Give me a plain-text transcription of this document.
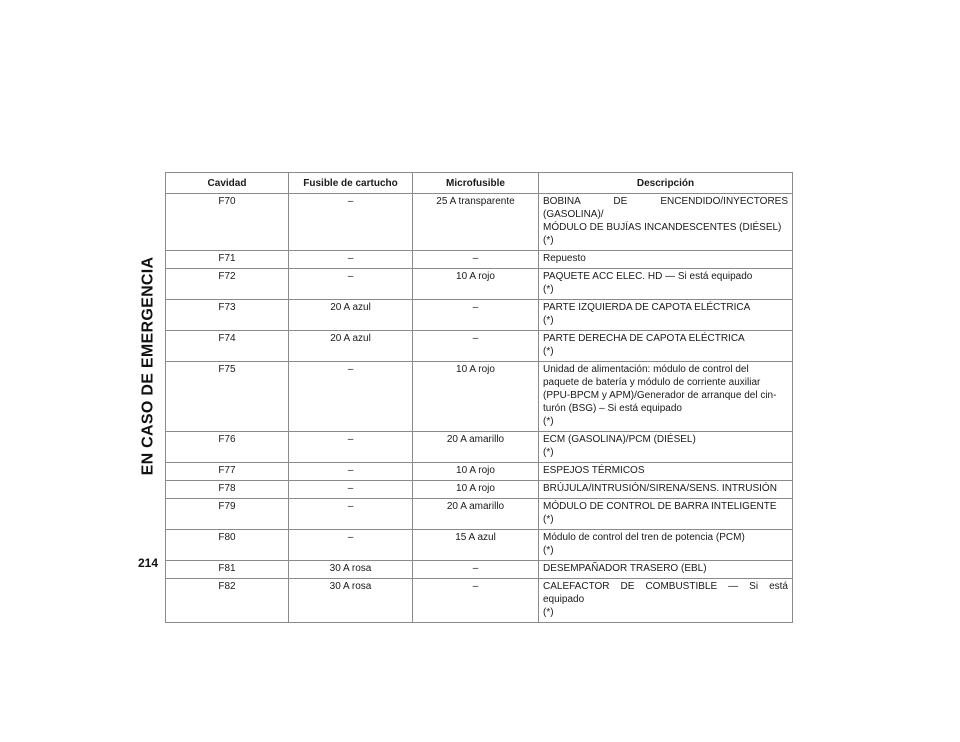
EN CASO DE EMERGENCIA
214
Cavidad	Fusible de cartucho	Microfusible	Descripción
F70	–	25 A transparente	BOBINA DE ENCENDIDO/INYECTORES (GASOLINA)/
MÓDULO DE BUJÍAS INCANDESCENTES (DIÉSEL)
(*)

F71	–	–	Repuesto

F72	–	10 A rojo	PAQUETE ACC ELEC. HD — Si está equipado
(*)

F73	20 A azul	–	PARTE IZQUIERDA DE CAPOTA ELÉCTRICA
(*)

F74	20 A azul	–	PARTE DERECHA DE CAPOTA ELÉCTRICA
(*)

F75	–	10 A rojo	Unidad de alimentación: módulo de control del
paquete de batería y módulo de corriente auxiliar
(PPU-BPCM y APM)/Generador de arranque del cin-
turón (BSG) – Si está equipado
(*)

F76	–	20 A amarillo	ECM (GASOLINA)/PCM (DIÉSEL)
(*)

F77	–	10 A rojo	ESPEJOS TÉRMICOS

F78	–	10 A rojo	BRÚJULA/INTRUSIÓN/SIRENA/SENS. INTRUSIÓN

F79	–	20 A amarillo	MÓDULO DE CONTROL DE BARRA INTELIGENTE
(*)

F80	–	15 A azul	Módulo de control del tren de potencia (PCM)
(*)

F81	30 A rosa	–	DESEMPAÑADOR TRASERO (EBL)

F82	30 A rosa	–	CALEFACTOR DE COMBUSTIBLE — Si está equipado
(*)
